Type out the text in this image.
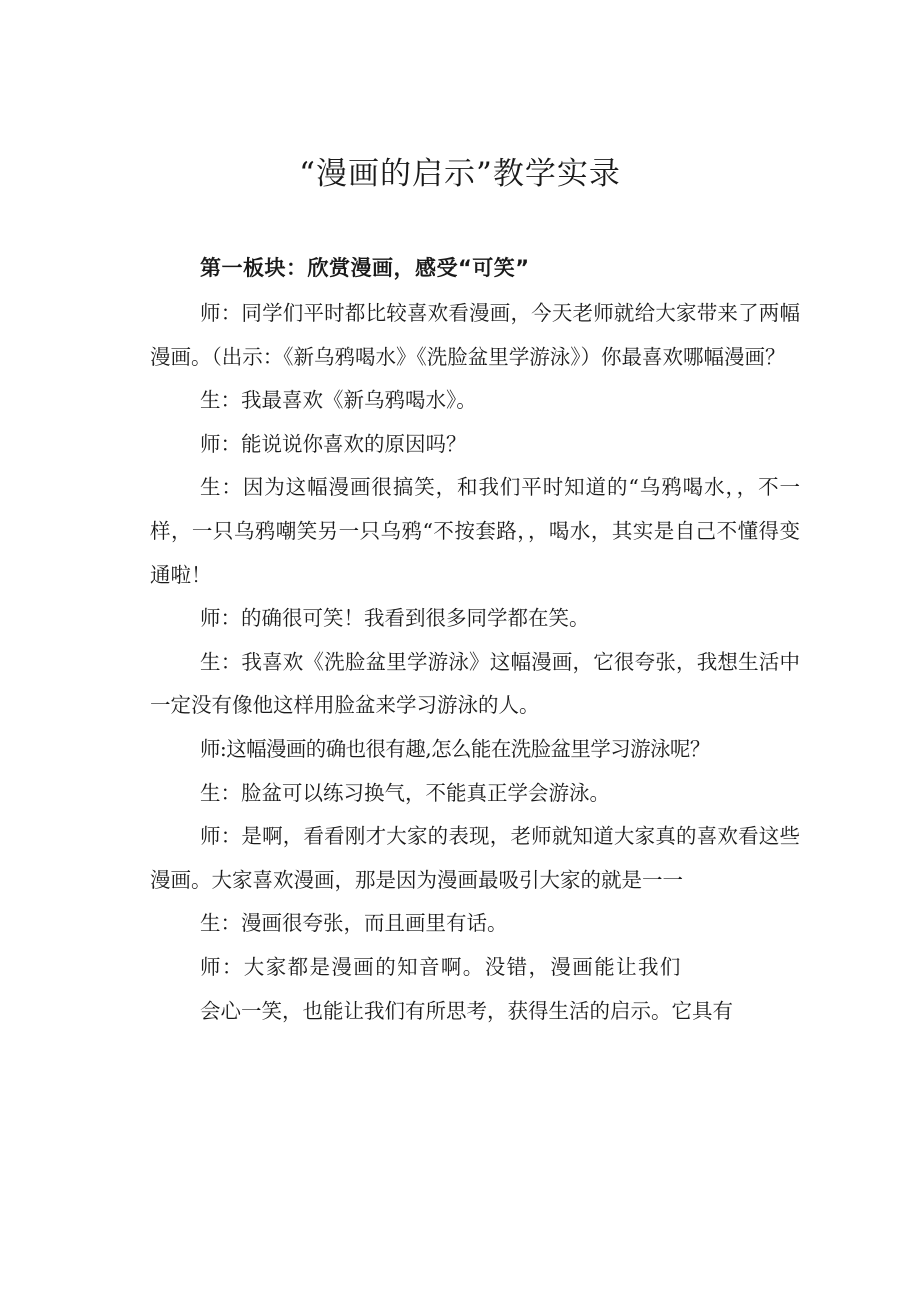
“漫画的启示”教学实录
第一板块：欣赏漫画，感受“可笑”

师：同学们平时都比较喜欢看漫画，今天老师就给大家带来了两幅漫画。（出示：《新乌鸦喝水》《洗脸盆里学游泳》）你最喜欢哪幅漫画？

生：我最喜欢《新乌鸦喝水》。

师：能说说你喜欢的原因吗？

生：因为这幅漫画很搞笑，和我们平时知道的“乌鸦喝水，，不一样，一只乌鸦嘲笑另一只乌鸦“不按套路，，喝水，其实是自己不懂得变通啦！

师：的确很可笑！我看到很多同学都在笑。

生：我喜欢《洗脸盆里学游泳》这幅漫画，它很夸张，我想生活中一定没有像他这样用脸盆来学习游泳的人。

师:这幅漫画的确也很有趣,怎么能在洗脸盆里学习游泳呢？

生：脸盆可以练习换气，不能真正学会游泳。

师：是啊，看看刚才大家的表现，老师就知道大家真的喜欢看这些漫画。大家喜欢漫画，那是因为漫画最吸引大家的就是一一

生：漫画很夸张，而且画里有话。

师：大家都是漫画的知音啊。没错，漫画能让我们

会心一笑，也能让我们有所思考，获得生活的启示。它具有
